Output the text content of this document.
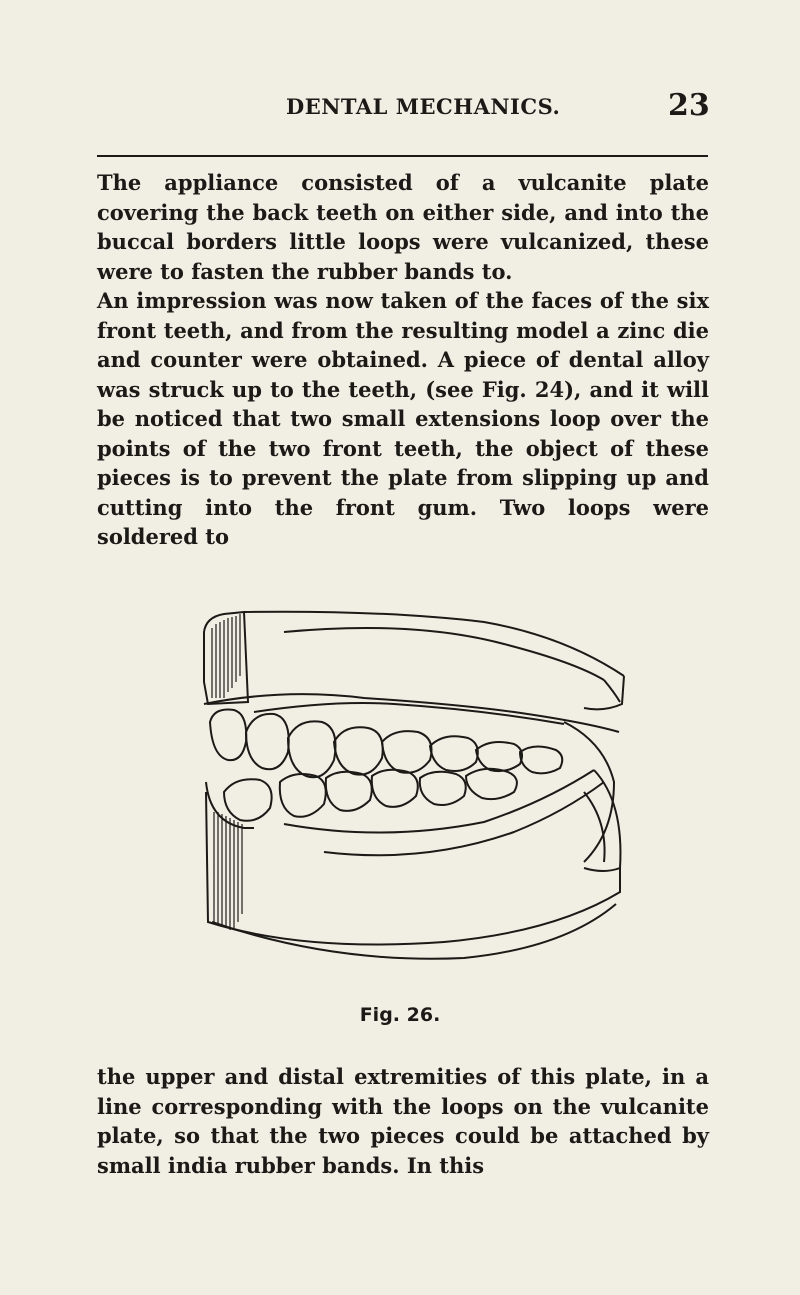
DENTAL MECHANICS.	23

The appliance consisted of a vulcanite plate covering the back teeth on either side, and into the buccal borders little loops were vulcanized, these were to fasten the rubber bands to.

An impression was now taken of the faces of the six front teeth, and from the resulting model a zinc die and counter were obtained. A piece of dental alloy was struck up to the teeth, (see Fig. 24), and it will be noticed that two small extensions loop over the points of the two front teeth, the object of these pieces is to prevent the plate from slipping up and cutting into the front gum. Two loops were soldered to

Fig. 26.

the upper and distal extremities of this plate, in a line corresponding with the loops on the vulcanite plate, so that the two pieces could be attached by small india rubber bands. In this
